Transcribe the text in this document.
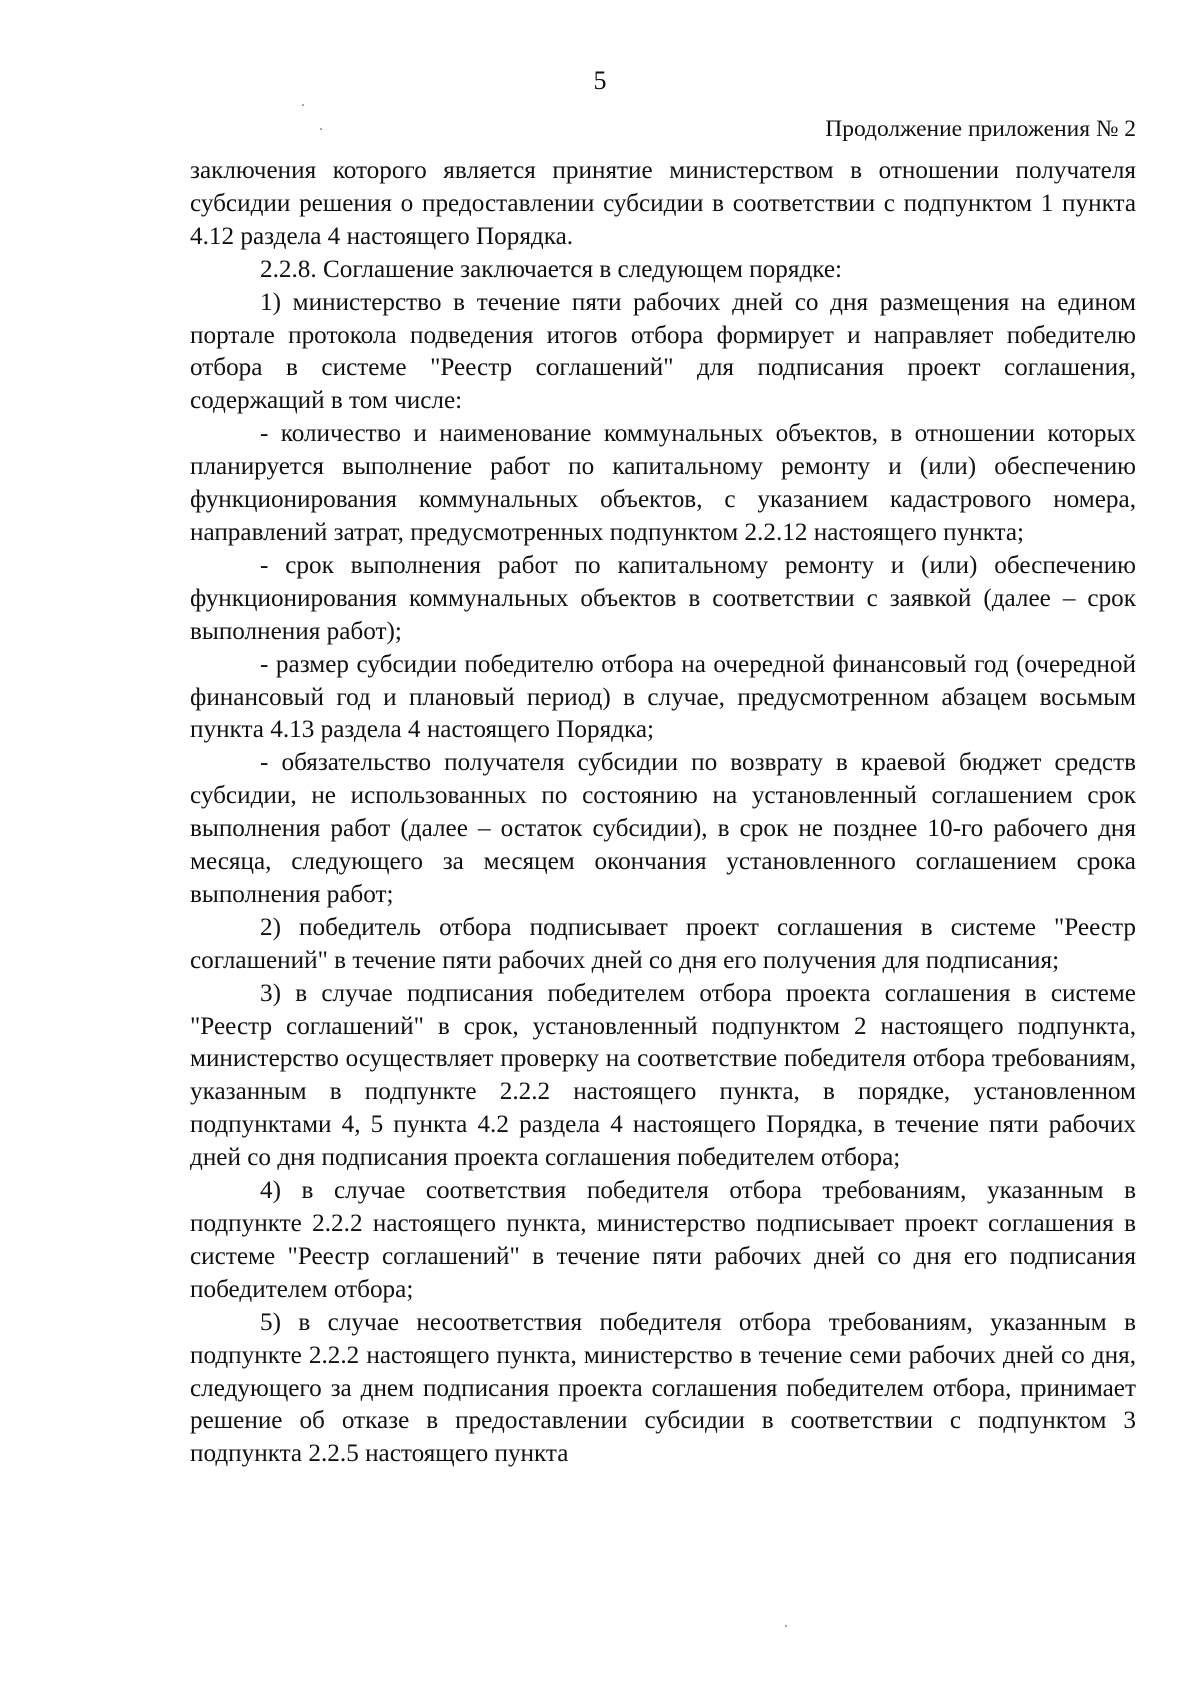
5
Продолжение приложения № 2

заключения которого является принятие министерством в отношении получателя субсидии решения о предоставлении субсидии в соответствии с подпунктом 1 пункта 4.12 раздела 4 настоящего Порядка.

2.2.8. Соглашение заключается в следующем порядке:

1) министерство в течение пяти рабочих дней со дня размещения на едином портале протокола подведения итогов отбора формирует и направляет победителю отбора в системе "Реестр соглашений" для подписания проект соглашения, содержащий в том числе:

- количество и наименование коммунальных объектов, в отношении которых планируется выполнение работ по капитальному ремонту и (или) обеспечению функционирования коммунальных объектов, с указанием кадастрового номера, направлений затрат, предусмотренных подпунктом 2.2.12 настоящего пункта;

- срок выполнения работ по капитальному ремонту и (или) обеспечению функционирования коммунальных объектов в соответствии с заявкой (далее – срок выполнения работ);

- размер субсидии победителю отбора на очередной финансовый год (очередной финансовый год и плановый период) в случае, предусмотренном абзацем восьмым пункта 4.13 раздела 4 настоящего Порядка;

- обязательство получателя субсидии по возврату в краевой бюджет средств субсидии, не использованных по состоянию на установленный соглашением срок выполнения работ (далее – остаток субсидии), в срок не позднее 10-го рабочего дня месяца, следующего за месяцем окончания установленного соглашением срока выполнения работ;

2) победитель отбора подписывает проект соглашения в системе "Реестр соглашений" в течение пяти рабочих дней со дня его получения для подписания;

3) в случае подписания победителем отбора проекта соглашения в системе "Реестр соглашений" в срок, установленный подпунктом 2 настоящего подпункта, министерство осуществляет проверку на соответствие победителя отбора требованиям, указанным в подпункте 2.2.2 настоящего пункта, в порядке, установленном подпунктами 4, 5 пункта 4.2 раздела 4 настоящего Порядка, в течение пяти рабочих дней со дня подписания проекта соглашения победителем отбора;

4) в случае соответствия победителя отбора требованиям, указанным в подпункте 2.2.2 настоящего пункта, министерство подписывает проект соглашения в системе "Реестр соглашений" в течение пяти рабочих дней со дня его подписания победителем отбора;

5) в случае несоответствия победителя отбора требованиям, указанным в подпункте 2.2.2 настоящего пункта, министерство в течение семи рабочих дней со дня, следующего за днем подписания проекта соглашения победителем отбора, принимает решение об отказе в предоставлении субсидии в соответствии с подпунктом 3 подпункта 2.2.5 настоящего пункта
